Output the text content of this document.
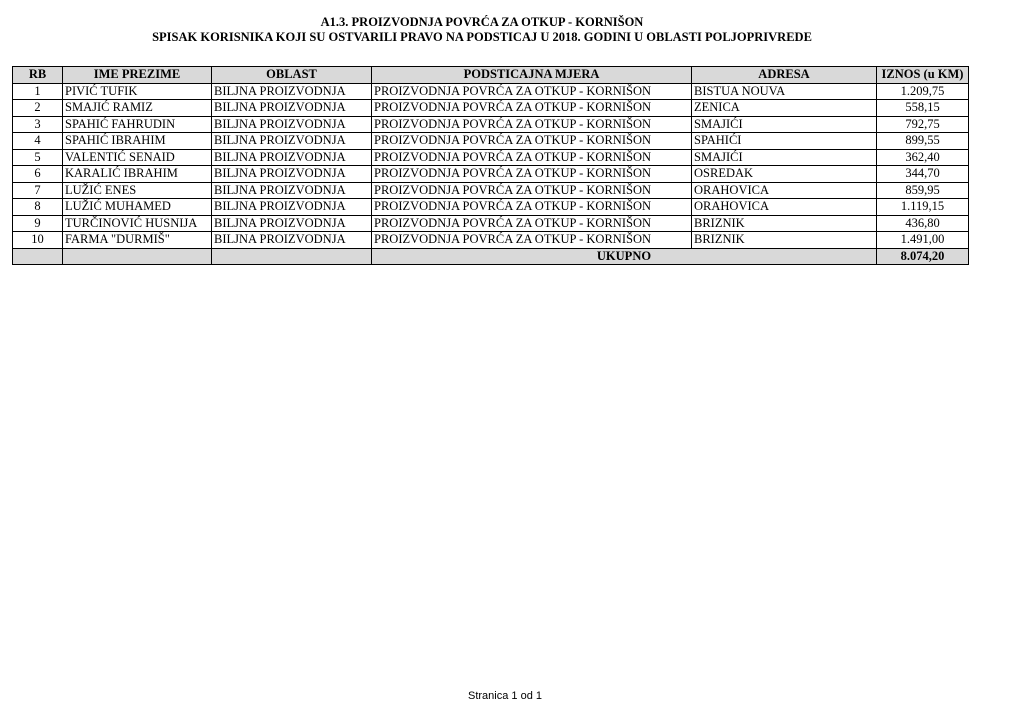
A1.3. PROIZVODNJA POVRĆA ZA OTKUP - KORNIŠON
SPISAK KORISNIKA KOJI SU OSTVARILI PRAVO NA PODSTICAJ U 2018. GODINI U OBLASTI POLJOPRIVREDE
RB	IME PREZIME	OBLAST	PODSTICAJNA MJERA	ADRESA	IZNOS (u KM)
1	PIVIĆ TUFIK	BILJNA PROIZVODNJA	PROIZVODNJA POVRĆA ZA OTKUP - KORNIŠON	BISTUA NOUVA	1.209,75
2	SMAJIĆ RAMIZ	BILJNA PROIZVODNJA	PROIZVODNJA POVRĆA ZA OTKUP - KORNIŠON	ZENICA	558,15
3	SPAHIĆ FAHRUDIN	BILJNA PROIZVODNJA	PROIZVODNJA POVRĆA ZA OTKUP - KORNIŠON	SMAJIĆI	792,75
4	SPAHIĆ IBRAHIM	BILJNA PROIZVODNJA	PROIZVODNJA POVRĆA ZA OTKUP - KORNIŠON	SPAHIĆI	899,55
5	VALENTIĆ SENAID	BILJNA PROIZVODNJA	PROIZVODNJA POVRĆA ZA OTKUP - KORNIŠON	SMAJIĆI	362,40
6	KARALIĆ IBRAHIM	BILJNA PROIZVODNJA	PROIZVODNJA POVRĆA ZA OTKUP - KORNIŠON	OSREDAK	344,70
7	LUŽIĆ ENES	BILJNA PROIZVODNJA	PROIZVODNJA POVRĆA ZA OTKUP - KORNIŠON	ORAHOVICA	859,95
8	LUŽIĆ MUHAMED	BILJNA PROIZVODNJA	PROIZVODNJA POVRĆA ZA OTKUP - KORNIŠON	ORAHOVICA	1.119,15
9	TURČINOVIĆ HUSNIJA	BILJNA PROIZVODNJA	PROIZVODNJA POVRĆA ZA OTKUP - KORNIŠON	BRIZNIK	436,80
10	FARMA "DURMIŠ"	BILJNA PROIZVODNJA	PROIZVODNJA POVRĆA ZA OTKUP - KORNIŠON	BRIZNIK	1.491,00
			UKUPNO		8.074,20
Stranica 1 od 1
